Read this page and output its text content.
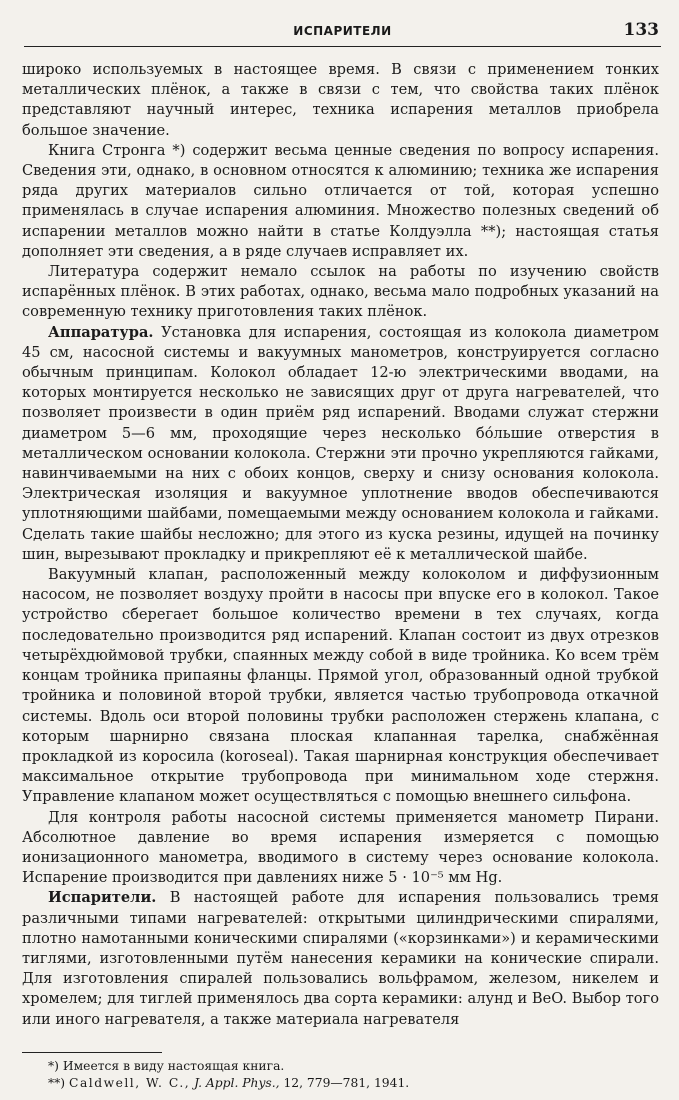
ИСПАРИТЕЛИ	133

широко используемых в настоящее время. В связи с применением тонких металлических плёнок, а также в связи с тем, что свойства таких плёнок представляют научный интерес, техника испарения металлов приобрела большое значение.

Книга Стронга *) содержит весьма ценные сведения по вопросу испарения. Сведения эти, однако, в основном относятся к алюминию; техника же испарения ряда других материалов сильно отличается от той, которая успешно применялась в случае испарения алюминия. Множество полезных сведений об испарении металлов можно найти в статье Колдуэлла **); настоящая статья дополняет эти сведения, а в ряде случаев исправляет их.

Литература содержит немало ссылок на работы по изучению свойств испарённых плёнок. В этих работах, однако, весьма мало подробных указаний на современную технику приготовления таких плёнок.

Аппаратура. Установка для испарения, состоящая из колокола диаметром 45 см, насосной системы и вакуумных манометров, конструируется согласно обычным принципам. Колокол обладает 12-ю электрическими вводами, на которых монтируется несколько не зависящих друг от друга нагревателей, что позволяет произвести в один приём ряд испарений. Вводами служат стержни диаметром 5—6 мм, проходящие через несколько бо́льшие отверстия в металлическом основании колокола. Стержни эти прочно укрепляются гайками, навинчиваемыми на них с обоих концов, сверху и снизу основания колокола. Электрическая изоляция и вакуумное уплотнение вводов обеспечиваются уплотняющими шайбами, помещаемыми между основанием колокола и гайками. Сделать такие шайбы несложно; для этого из куска резины, идущей на починку шин, вырезывают прокладку и прикрепляют её к металлической шайбе.

Вакуумный клапан, расположенный между колоколом и диффузионным насосом, не позволяет воздуху пройти в насосы при впуске его в колокол. Такое устройство сберегает большое количество времени в тех случаях, когда последовательно производится ряд испарений. Клапан состоит из двух отрезков четырёхдюймовой трубки, спаянных между собой в виде тройника. Ко всем трём концам тройника припаяны фланцы. Прямой угол, образованный одной трубкой тройника и половиной второй трубки, является частью трубопровода откачной системы. Вдоль оси второй половины трубки расположен стержень клапана, с которым шарнирно связана плоская клапанная тарелка, снабжённая прокладкой из коросила (koroseal). Такая шарнирная конструкция обеспечивает максимальное открытие трубопровода при минимальном ходе стержня. Управление клапаном может осуществляться с помощью внешнего сильфона.

Для контроля работы насосной системы применяется манометр Пирани. Абсолютное давление во время испарения измеряется с помощью ионизационного манометра, вводимого в систему через основание колокола. Испарение производится при давлениях ниже 5 · 10⁻⁵ мм Hg.

Испарители. В настоящей работе для испарения пользовались тремя различными типами нагревателей: открытыми цилиндрическими спиралями, плотно намотанными коническими спиралями («корзинками») и керамическими тиглями, изготовленными путём нанесения керамики на конические спирали. Для изготовления спиралей пользовались вольфрамом, железом, никелем и хромелем; для тиглей применялось два сорта керамики: алунд и BeO. Выбор того или иного нагревателя, а также материала нагревателя

*) Имеется в виду настоящая книга.
**) Caldwell, W. C., J. Appl. Phys., 12, 779—781, 1941.
